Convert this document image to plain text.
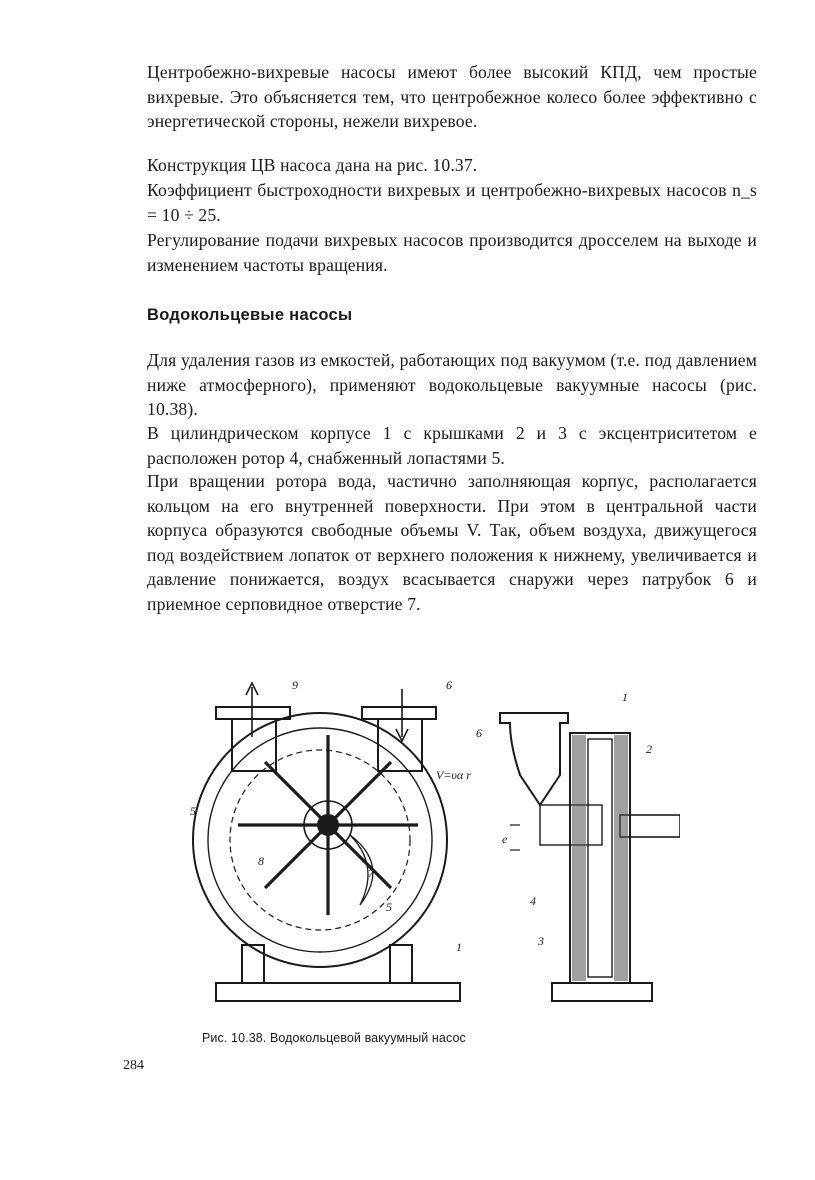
Центробежно-вихревые насосы имеют более высокий КПД, чем простые вихревые. Это объясняется тем, что центробежное колесо более эффективно с энергетической стороны, нежели вихревое.

Конструкция ЦВ насоса дана на рис. 10.37.

Коэффициент быстроходности вихревых и центробежно-вихревых насосов n_s = 10 ÷ 25.

Регулирование подачи вихревых насосов производится дросселем на выходе и изменением частоты вращения.

Водокольцевые насосы

Для удаления газов из емкостей, работающих под вакуумом (т.е. под давлением ниже атмосферного), применяют водокольцевые вакуумные насосы (рис. 10.38).

В цилиндрическом корпусе 1 с крышками 2 и 3 с эксцентриситетом e расположен ротор 4, снабженный лопастями 5.

При вращении ротора вода, частично заполняющая корпус, располагается кольцом на его внутренней поверхности. При этом в центральной части корпуса образуются свободные объемы V. Так, объем воздуха, движущегося под воздействием лопаток от верхнего положения к нижнему, увеличивается и давление понижается, воздух всасывается снаружи через патрубок 6 и приемное серповидное отверстие 7.

9	6
6
5
5
7
8
1
1
2
3
4
e
V=υα r
Рис. 10.38. Водокольцевой вакуумный насос
284
